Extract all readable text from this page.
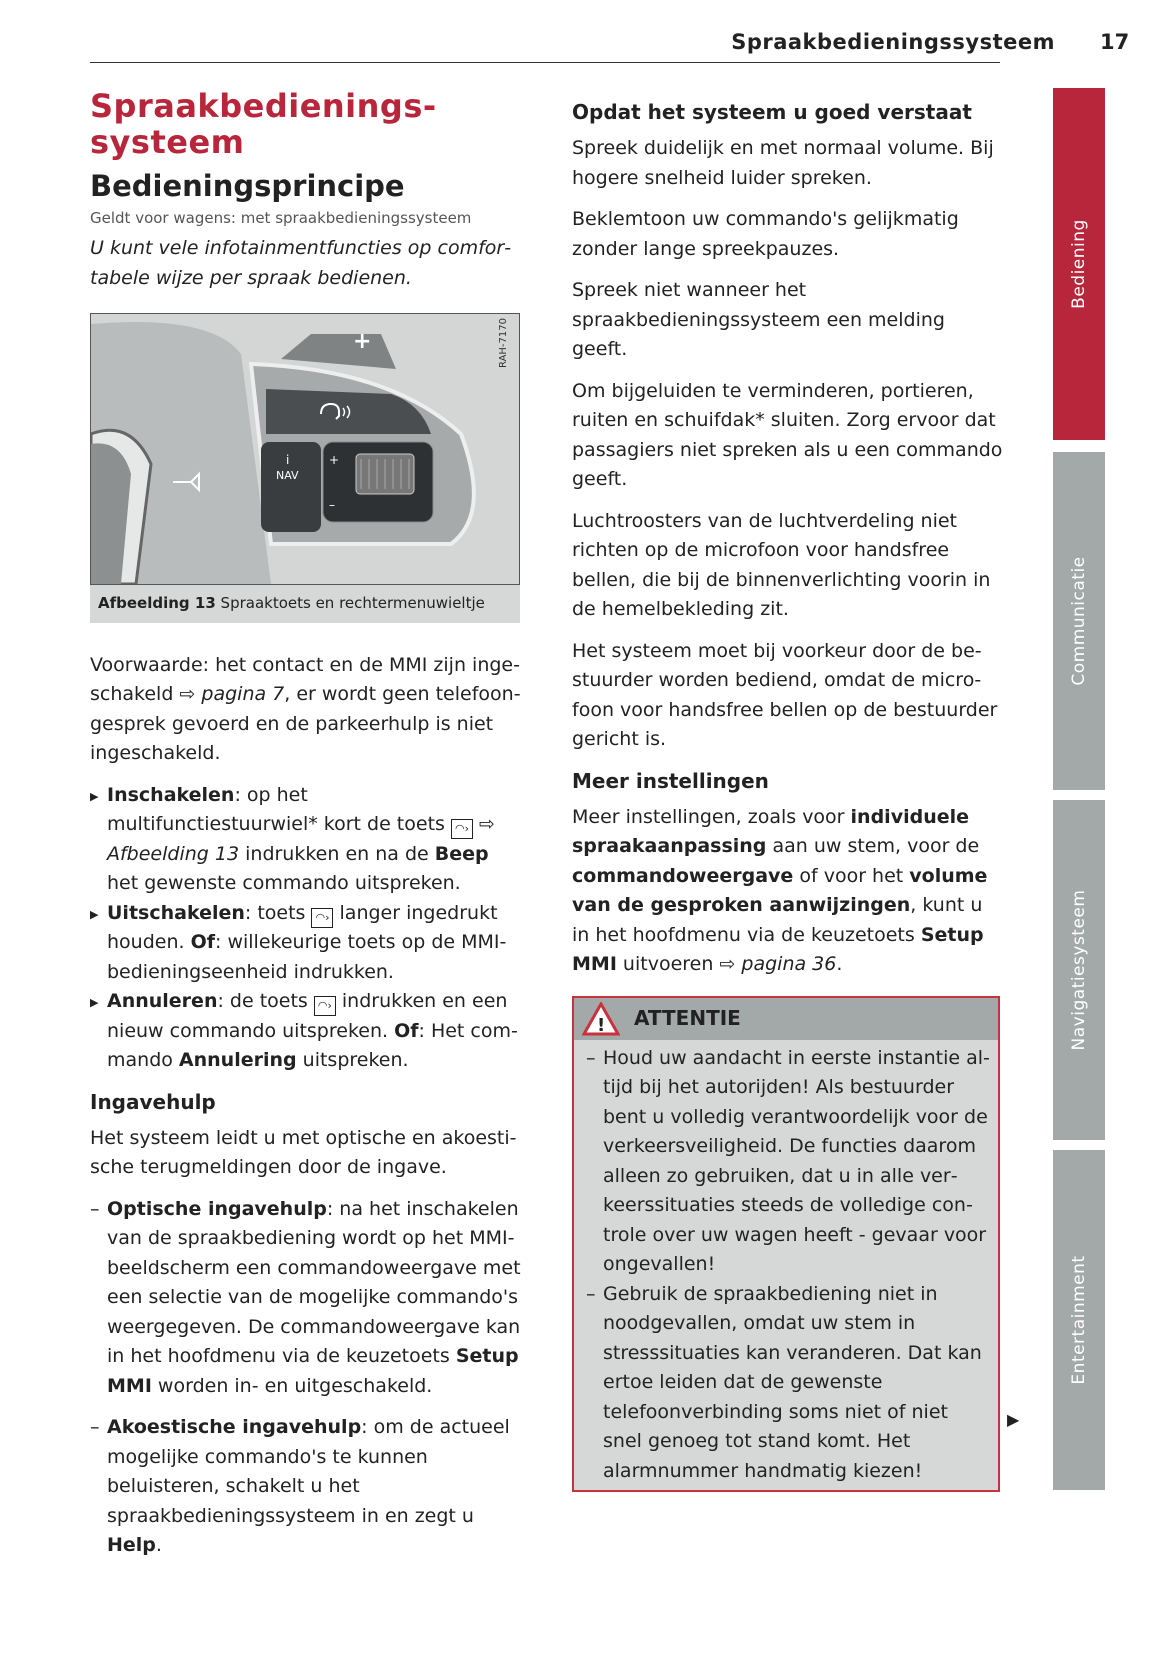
Spraakbedieningssysteem 17
Spraakbedienings-
systeem
Bedieningsprincipe
Geldt voor wagens: met spraakbedieningssysteem
U kunt vele infotainmentfuncties op comfortabele wijze per spraak bedienen.
+
i
NAV
+
–
RAH-7170
Afbeelding 13 Spraaktoets en rechtermenuwieltje

Voorwaarde: het contact en de MMI zijn ingeschakeld ⇨ pagina 7, er wordt geen telefoongesprek gevoerd en de parkeerhulp is niet ingeschakeld.

▶ Inschakelen: op het multifunctiestuurwiel* kort de toets ◠› ⇨ Afbeelding 13 indrukken en na de Beep het gewenste commando uitspreken.

▶ Uitschakelen: toets ◠› langer ingedrukt houden. Of: willekeurige toets op de MMI-bedieningseenheid indrukken.

▶ Annuleren: de toets ◠› indrukken en een nieuw commando uitspreken. Of: Het commando Annulering uitspreken.

Ingavehulp

Het systeem leidt u met optische en akoestische terugmeldingen door de ingave.

– Optische ingavehulp: na het inschakelen van de spraakbediening wordt op het MMI-beeldscherm een commandoweergave met een selectie van de mogelijke commando's weergegeven. De commandoweergave kan in het hoofdmenu via de keuzetoets Setup MMI worden in- en uitgeschakeld.

– Akoestische ingavehulp: om de actueel mogelijke commando's te kunnen beluisteren, schakelt u het spraakbedieningssysteem in en zegt u Help.

Opdat het systeem u goed verstaat

Spreek duidelijk en met normaal volume. Bij hogere snelheid luider spreken.

Beklemtoon uw commando's gelijkmatig zonder lange spreekpauzes.

Spreek niet wanneer het spraakbedieningssysteem een melding geeft.

Om bijgeluiden te verminderen, portieren, ruiten en schuifdak* sluiten. Zorg ervoor dat passagiers niet spreken als u een commando geeft.

Luchtroosters van de luchtverdeling niet richten op de microfoon voor handsfree bellen, die bij de binnenverlichting voorin in de hemelbekleding zit.

Het systeem moet bij voorkeur door de bestuurder worden bediend, omdat de microfoon voor handsfree bellen op de bestuurder gericht is.

Meer instellingen

Meer instellingen, zoals voor individuele spraakaanpassing aan uw stem, voor de commandoweergave of voor het volume van de gesproken aanwijzingen, kunt u in het hoofdmenu via de keuzetoets Setup MMI uitvoeren ⇨ pagina 36.

! ATTENTIE

– Houd uw aandacht in eerste instantie altijd bij het autorijden! Als bestuurder bent u volledig verantwoordelijk voor de verkeersveiligheid. De functies daarom alleen zo gebruiken, dat u in alle verkeerssituaties steeds de volledige controle over uw wagen heeft - gevaar voor ongevallen!

– Gebruik de spraakbediening niet in noodgevallen, omdat uw stem in stresssituaties kan veranderen. Dat kan ertoe leiden dat de gewenste telefoonverbinding soms niet of niet snel genoeg tot stand komt. Het alarmnummer handmatig kiezen!

▶
Bediening
Communicatie
Navigatiesysteem
Entertainment
